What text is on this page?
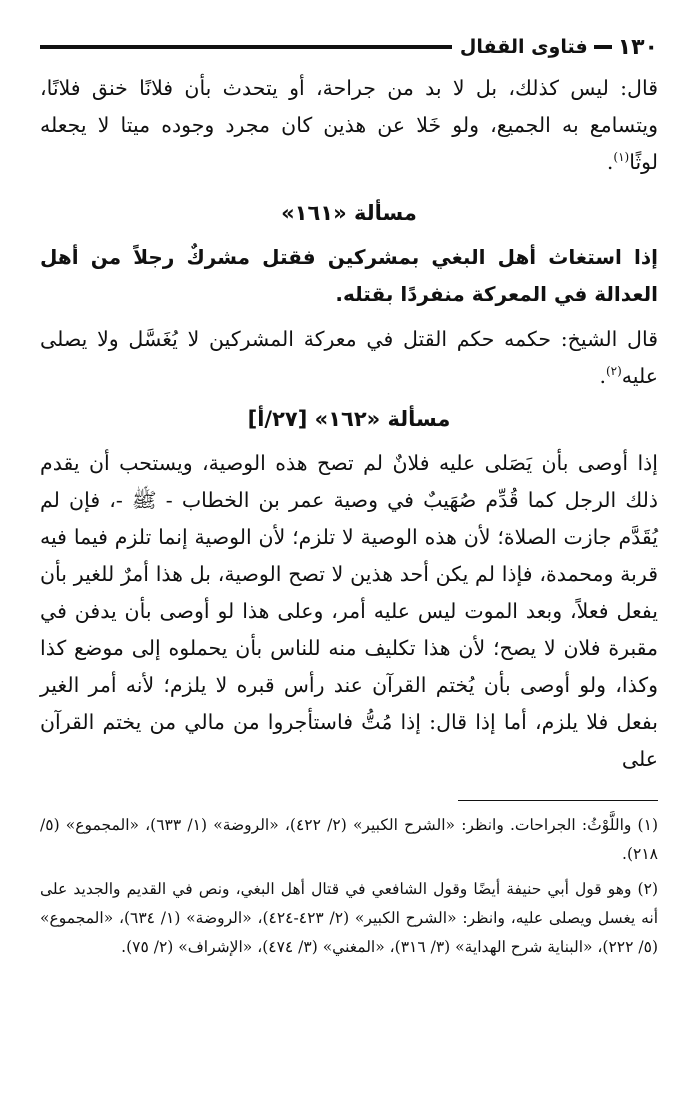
١٣٠
فتاوى القفال

قال: ليس كذلك، بل لا بد من جراحة، أو يتحدث بأن فلانًا خنق فلانًا، ويتسامع به الجميع، ولو خَلا عن هذين كان مجرد وجوده ميتا لا يجعله لوثًا$^{(١)}$.

مسألة «١٦١»

إذا استغاث أهل البغي بمشركين فقتل مشركٌ رجلاً من أهل العدالة في المعركة منفردًا بقتله.

قال الشيخ: حكمه حكم القتل في معركة المشركين لا يُغَسَّل ولا يصلى عليه$^{(٢)}$.

مسألة «١٦٢» [٢٧/أ]

إذا أوصى بأن يَصَلى عليه فلانٌ لم تصح هذه الوصية، ويستحب أن يقدم ذلك الرجل كما قُدِّم صُهَيبٌ في وصية عمر بن الخطاب - ﷺ -، فإن لم يُقَدَّم جازت الصلاة؛ لأن هذه الوصية لا تلزم؛ لأن الوصية إنما تلزم فيما فيه قربة ومحمدة، فإذا لم يكن أحد هذين لا تصح الوصية، بل هذا أمرٌ للغير بأن يفعل فعلاً، وبعد الموت ليس عليه أمر، وعلى هذا لو أوصى بأن يدفن في مقبرة فلان لا يصح؛ لأن هذا تكليف منه للناس بأن يحملوه إلى موضع كذا وكذا، ولو أوصى بأن يُختم القرآن عند رأس قبره لا يلزم؛ لأنه أمر الغير بفعل فلا يلزم، أما إذا قال: إذا مُتُّ فاستأجروا من مالي من يختم القرآن على

(١) واللَّوْثُ: الجراحات. وانظر: «الشرح الكبير» (٢/ ٤٢٢)، «الروضة» (١/ ٦٣٣)، «المجموع» (٥/ ٢١٨).

(٢) وهو قول أبي حنيفة أيضًا وقول الشافعي في قتال أهل البغي، ونص في القديم والجديد على أنه يغسل ويصلى عليه، وانظر: «الشرح الكبير» (٢/ ٤٢٣-٤٢٤)، «الروضة» (١/ ٦٣٤)، «المجموع» (٥/ ٢٢٢)، «البناية شرح الهداية» (٣/ ٣١٦)، «المغني» (٣/ ٤٧٤)، «الإشراف» (٢/ ٧٥).
